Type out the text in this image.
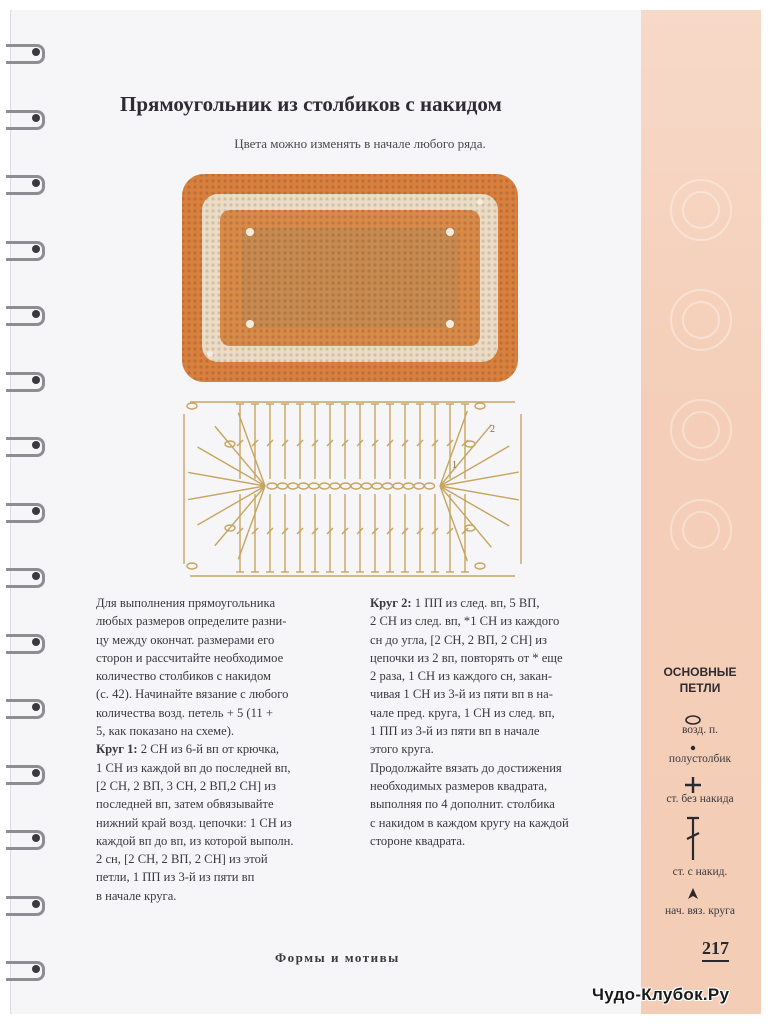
Прямоугольник из столбиков с накидом
Цвета можно изменять в начале любого ряда.
2
1

Для выполнения прямоугольника

любых размеров определите разни-

цу между окончат. размерами его

сторон и рассчитайте необходимое

количество столбиков с накидом

(с. 42). Начинайте вязание с любого

количества возд. петель + 5 (11 +

5, как показано на схеме).

Круг 1: 2 СН из 6-й вп от крючка,

1 СН из каждой вп до последней вп,

[2 СН, 2 ВП, 3 СН, 2 ВП,2 СН] из

последней вп, затем обвязывайте

нижний край возд. цепочки: 1 СН из

каждой вп до вп, из которой выполн.

2 сн, [2 СН, 2 ВП, 2 СН] из этой

петли, 1 ПП из 3-й из пяти вп

в начале круга.

Круг 2: 1 ПП из след. вп, 5 ВП,

2 СН из след. вп, *1 СН из каждого

сн до угла, [2 СН, 2 ВП, 2 СН] из

цепочки из 2 вп, повторять от * еще

2 раза, 1 СН из каждого сн, закан-

чивая 1 СН из 3-й из пяти вп в на-

чале пред. круга, 1 СН из след. вп,

1 ПП из 3-й из пяти вп в начале

этого круга.

Продолжайте вязать до достижения

необходимых размеров квадрата,

выполняя по 4 дополнит. столбика

с накидом в каждом кругу на каждой

стороне квадрата.

Формы и мотивы
ОСНОВНЫЕ
ПЕТЛИ
возд. п.
полустолбик
ст. без накида
ст. с накид.
нач. вяз. круга
217
Чудо-Клубок.Ру
